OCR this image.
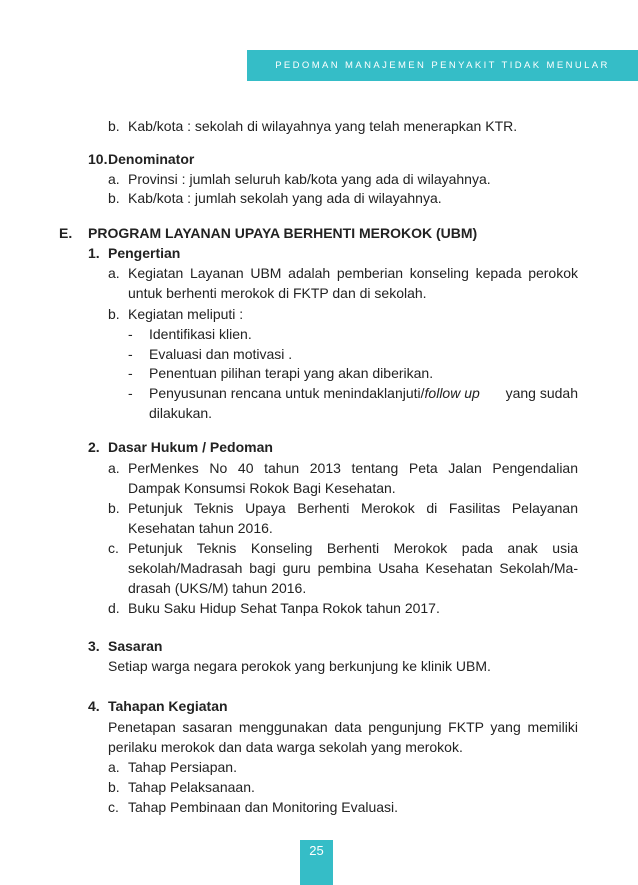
PEDOMAN MANAJEMEN PENYAKIT TIDAK MENULAR
b. Kab/kota : sekolah di wilayahnya yang telah menerapkan KTR.
10. Denominator
a. Provinsi : jumlah seluruh kab/kota yang ada di wilayahnya.
b. Kab/kota : jumlah sekolah yang ada di wilayahnya.
E. PROGRAM LAYANAN UPAYA BERHENTI MEROKOK (UBM)
1. Pengertian
a. Kegiatan Layanan UBM adalah pemberian konseling kepada perokok
untuk berhenti merokok di FKTP dan di sekolah.
b. Kegiatan meliputi :
- Identifikasi klien.
- Evaluasi dan motivasi .
- Penentuan pilihan terapi yang akan diberikan.
- Penyusunan rencana untuk menindaklanjuti/follow up yang sudah
dilakukan.
2. Dasar Hukum / Pedoman
a. PerMenkes No 40 tahun 2013 tentang Peta Jalan Pengendalian
Dampak Konsumsi Rokok Bagi Kesehatan.
b. Petunjuk Teknis Upaya Berhenti Merokok di Fasilitas Pelayanan
Kesehatan tahun 2016.
c. Petunjuk Teknis Konseling Berhenti Merokok pada anak usia
sekolah/Madrasah bagi guru pembina Usaha Kesehatan Sekolah/Ma-
drasah (UKS/M) tahun 2016.
d. Buku Saku Hidup Sehat Tanpa Rokok tahun 2017.
3. Sasaran
Setiap warga negara perokok yang berkunjung ke klinik UBM.
4. Tahapan Kegiatan
Penetapan sasaran menggunakan data pengunjung FKTP yang memiliki
perilaku merokok dan data warga sekolah yang merokok.
a. Tahap Persiapan.
b. Tahap Pelaksanaan.
c. Tahap Pembinaan dan Monitoring Evaluasi.
25
